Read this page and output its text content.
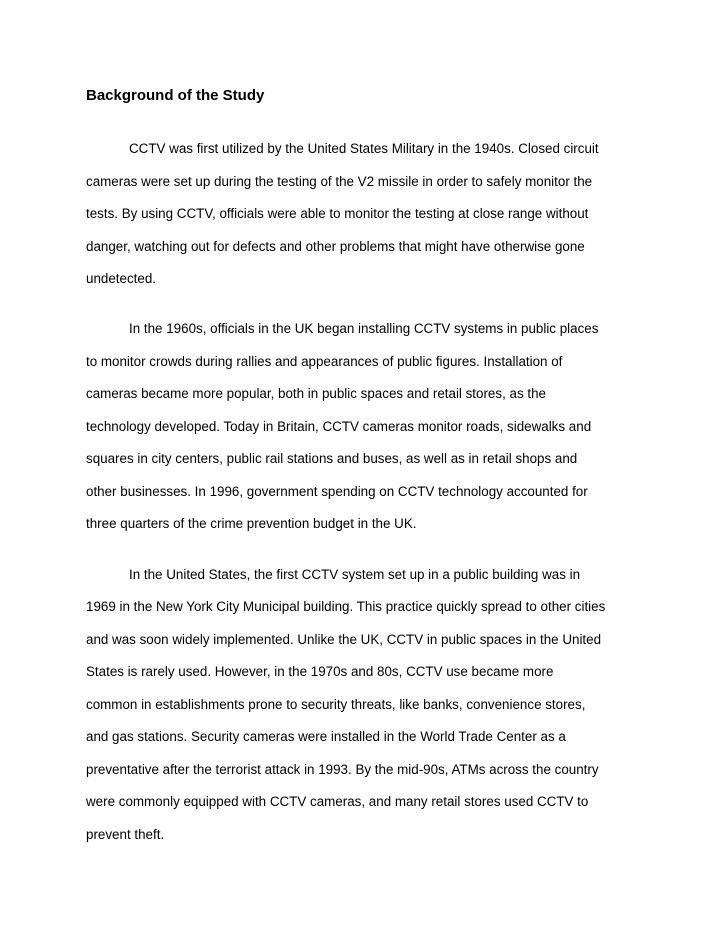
Background of the Study
CCTV was first utilized by the United States Military in the 1940s. Closed circuit
cameras were set up during the testing of the V2 missile in order to safely monitor the
tests. By using CCTV, officials were able to monitor the testing at close range without
danger, watching out for defects and other problems that might have otherwise gone
undetected.
In the 1960s, officials in the UK began installing CCTV systems in public places
to monitor crowds during rallies and appearances of public figures. Installation of
cameras became more popular, both in public spaces and retail stores, as the
technology developed. Today in Britain, CCTV cameras monitor roads, sidewalks and
squares in city centers, public rail stations and buses, as well as in retail shops and
other businesses. In 1996, government spending on CCTV technology accounted for
three quarters of the crime prevention budget in the UK.
In the United States, the first CCTV system set up in a public building was in
1969 in the New York City Municipal building. This practice quickly spread to other cities
and was soon widely implemented. Unlike the UK, CCTV in public spaces in the United
States is rarely used. However, in the 1970s and 80s, CCTV use became more
common in establishments prone to security threats, like banks, convenience stores,
and gas stations. Security cameras were installed in the World Trade Center as a
preventative after the terrorist attack in 1993. By the mid-90s, ATMs across the country
were commonly equipped with CCTV cameras, and many retail stores used CCTV to
prevent theft.
